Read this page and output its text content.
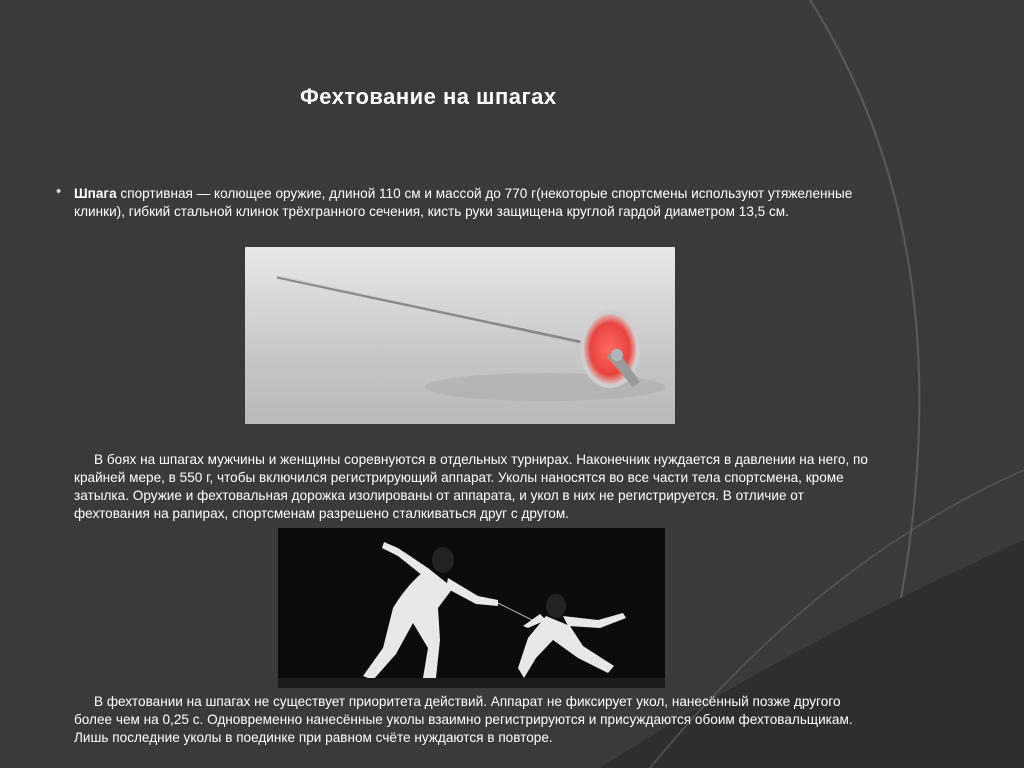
Фехтование на шпагах
• Шпага спортивная — колющее оружие, длиной 110 см и массой до 770 г(некоторые спортсмены используют утяжеленные клинки), гибкий стальной клинок трёхгранного сечения, кисть руки защищена круглой гардой диаметром 13,5 см.
В боях на шпагах мужчины и женщины соревнуются в отдельных турнирах. Наконечник нуждается в давлении на него, по крайней мере, в 550 г, чтобы включился регистрирующий аппарат. Уколы наносятся во все части тела спортсмена, кроме затылка. Оружие и фехтовальная дорожка изолированы от аппарата, и укол в них не регистрируется. В отличие от фехтования на рапирах, спортсменам разрешено сталкиваться друг с другом.
В фехтовании на шпагах не существует приоритета действий. Аппарат не фиксирует укол, нанесённый позже другого более чем на 0,25 с. Одновременно нанесённые уколы взаимно регистрируются и присуждаются обоим фехтовальщикам. Лишь последние уколы в поединке при равном счёте нуждаются в повторе.
